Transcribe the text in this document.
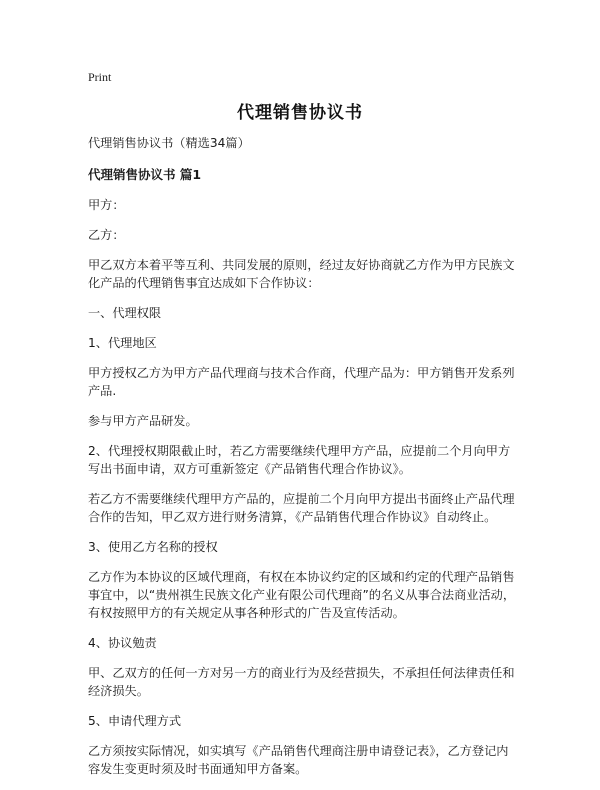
Print
代理销售协议书

代理销售协议书（精选34篇）

代理销售协议书 篇1

甲方：

乙方：

甲乙双方本着平等互利、共同发展的原则，经过友好协商就乙方作为甲方民族文化产品的代理销售事宜达成如下合作协议：

一、代理权限

1、代理地区

甲方授权乙方为甲方产品代理商与技术合作商，代理产品为：甲方销售开发系列产品.

参与甲方产品研发。

2、代理授权期限截止时，若乙方需要继续代理甲方产品，应提前二个月向甲方写出书面申请，双方可重新签定《产品销售代理合作协议》。

若乙方不需要继续代理甲方产品的，应提前二个月向甲方提出书面终止产品代理合作的告知，甲乙双方进行财务清算，《产品销售代理合作协议》自动终止。

3、使用乙方名称的授权

乙方作为本协议的区域代理商，有权在本协议约定的区域和约定的代理产品销售事宜中，以“贵州祺生民族文化产业有限公司代理商”的名义从事合法商业活动，有权按照甲方的有关规定从事各种形式的广告及宣传活动。

4、协议勉责

甲、乙双方的任何一方对另一方的商业行为及经营损失，不承担任何法律责任和经济损失。

5、申请代理方式

乙方须按实际情况，如实填写《产品销售代理商注册申请登记表》，乙方登记内容发生变更时须及时书面通知甲方备案。
